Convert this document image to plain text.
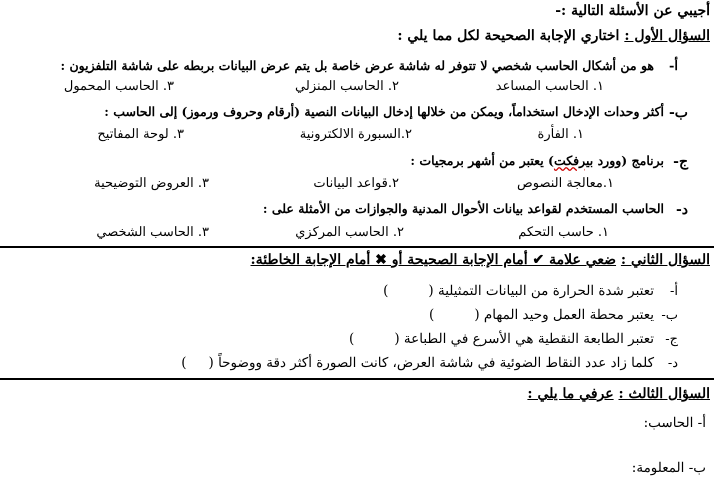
أجيبي عن الأسئلة التالية :-
السؤال الأول : اختاري الإجابة الصحيحة لكل مما يلي :
أ-
هو من أشكال الحاسب شخصي لا تتوفر له شاشة عرض خاصة بل يتم عرض البيانات بربطه على شاشة التلفزيون :
١. الحاسب المساعد
٢. الحاسب المنزلي
٣. الحاسب المحمول
ب-
أكثر وحدات الإدخال استخداماً، ويمكن من خلالها إدخال البيانات النصية (أرقام وحروف ورموز) إلى الحاسب :
١. الفأرة
٢.السبورة الالكترونية
٣. لوحة المفاتيح
ج-
برنامج (وورد بيرفكت) يعتبر من أشهر برمجيات :
١.معالجة النصوص
٢.قواعد البيانات
٣. العروض التوضيحية
د-
الحاسب المستخدم لقواعد بيانات الأحوال المدنية والجوازات من الأمثلة على :
١. حاسب التحكم
٢. الحاسب المركزي
٣. الحاسب الشخصي
السؤال الثاني : ضعي علامة ✔ أمام الإجابة الصحيحة أو ✖ أمام الإجابة الخاطئة:
أ-
تعتبر شدة الحرارة من البيانات التمثيلية ()
ب-
يعتبر محطة العمل وحيد المهام ()
ج-
تعتبر الطابعة النقطية هي الأسرع في الطباعة ()
د-
كلما زاد عدد النقاط الضوئية في شاشة العرض، كانت الصورة أكثر دقة ووضوحاً ()
السؤال الثالث : عرفي ما يلي :
أ- الحاسب:
ب- المعلومة:
